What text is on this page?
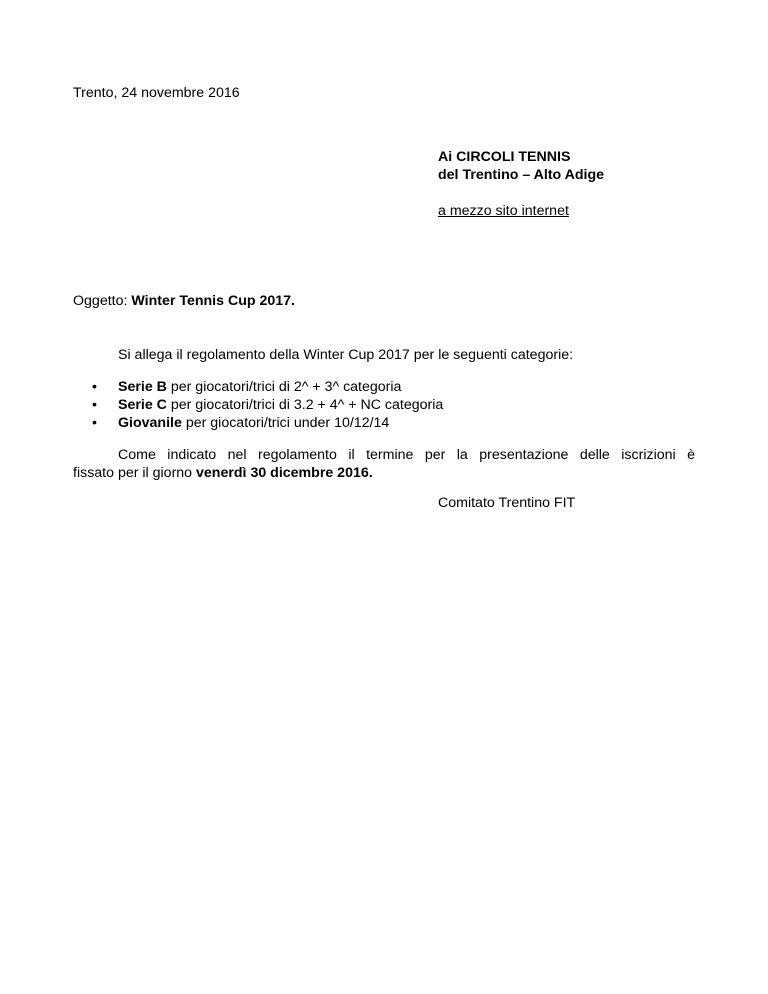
Trento, 24 novembre 2016
Ai CIRCOLI TENNIS
del Trentino – Alto Adige
a mezzo sito internet
Oggetto: Winter Tennis Cup 2017.
Si allega il regolamento della Winter Cup 2017 per le seguenti categorie:
• Serie B per giocatori/trici di 2^ + 3^ categoria
• Serie C per giocatori/trici di 3.2 + 4^ + NC categoria
• Giovanile per giocatori/trici under 10/12/14
Come indicato nel regolamento il termine per la presentazione delle iscrizioni è
fissato per il giorno venerdì 30 dicembre 2016.
Comitato Trentino FIT
